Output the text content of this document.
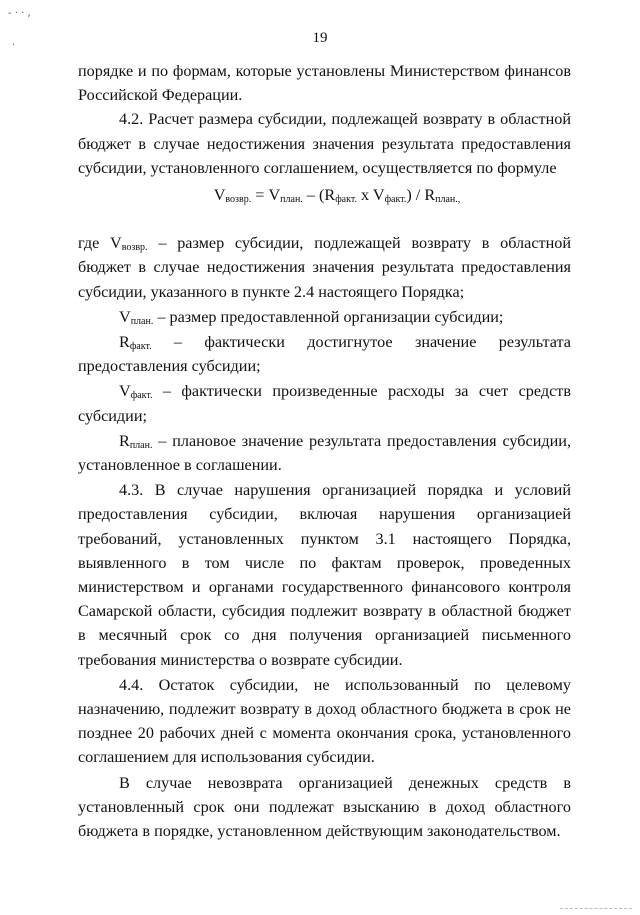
- · · ,
·	19

порядке и по формам, которые установлены Министерством финансов Российской Федерации.

4.2. Расчет размера субсидии, подлежащей возврату в областной бюджет в случае недостижения значения результата предоставления субсидии, установленного соглашением, осуществляется по формуле

$V_{возвр.} = V_{план.} - (R_{факт.}$ x $V_{факт.}) / R_{план.,}$

где $V_{возвр.}$ – размер субсидии, подлежащей возврату в областной бюджет в случае недостижения значения результата предоставления субсидии, указанного в пункте 2.4 настоящего Порядка;

$V_{план.}$ – размер предоставленной организации субсидии;

$R_{факт.}$ – фактически достигнутое значение результата предоставления субсидии;

$V_{факт.}$ – фактически произведенные расходы за счет средств субсидии;

$R_{план.}$ – плановое значение результата предоставления субсидии, установленное в соглашении.

4.3. В случае нарушения организацией порядка и условий предоставления субсидии, включая нарушения организацией требований, установленных пунктом 3.1 настоящего Порядка, выявленного в том числе по фактам проверок, проведенных министерством и органами государственного финансового контроля Самарской области, субсидия подлежит возврату в областной бюджет в месячный срок со дня получения организацией письменного требования министерства о возврате субсидии.

4.4. Остаток субсидии, не использованный по целевому назначению, подлежит возврату в доход областного бюджета в срок не позднее 20 рабочих дней с момента окончания срока, установленного соглашением для использования субсидии.

В случае невозврата организацией денежных средств в установленный срок они подлежат взысканию в доход областного бюджета в порядке, установленном действующим законодательством.
